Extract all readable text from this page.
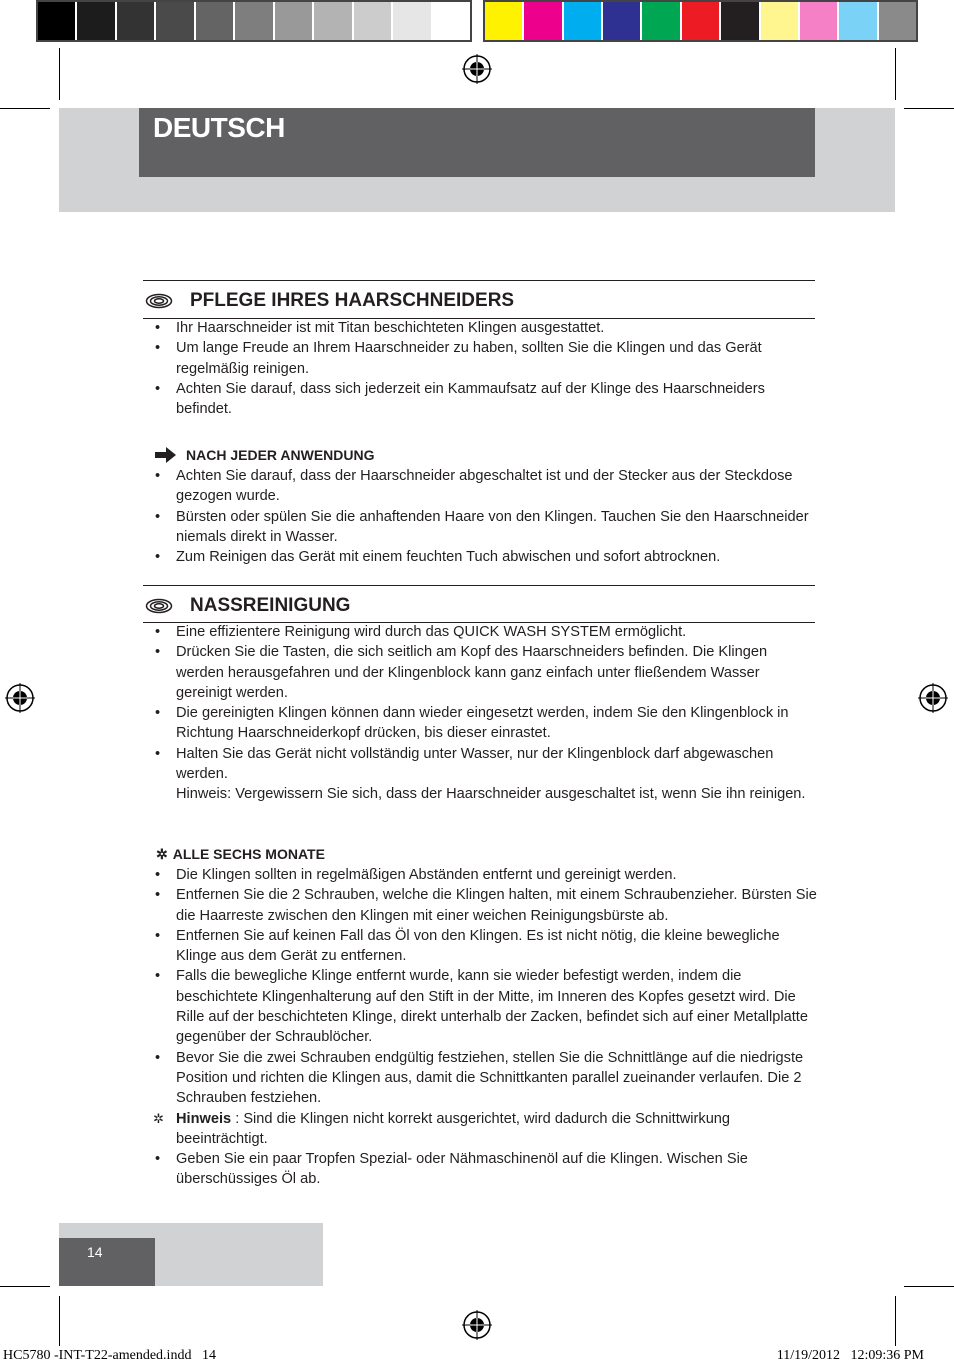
DEUTSCH
PFLEGE IHRES HAARSCHNEIDERS
• Ihr Haarschneider ist mit Titan beschichteten Klingen ausgestattet.
• Um lange Freude an Ihrem Haarschneider zu haben, sollten Sie die Klingen und das Gerät regelmäßig reinigen.
• Achten Sie darauf, dass sich jederzeit ein Kammaufsatz auf der Klinge des Haarschneiders befindet.
NACH JEDER ANWENDUNG
• Achten Sie darauf, dass der Haarschneider abgeschaltet ist und der Stecker aus der Steckdose gezogen wurde.
• Bürsten oder spülen Sie die anhaftenden Haare von den Klingen. Tauchen Sie den Haarschneider niemals direkt in Wasser.
• Zum Reinigen das Gerät mit einem feuchten Tuch abwischen und sofort abtrocknen.
NASSREINIGUNG
• Eine effizientere Reinigung wird durch das QUICK WASH SYSTEM ermöglicht.
• Drücken Sie die Tasten, die sich seitlich am Kopf des Haarschneiders befinden. Die Klingen werden herausgefahren und der Klingenblock kann ganz einfach unter fließendem Wasser gereinigt werden.
• Die gereinigten Klingen können dann wieder eingesetzt werden, indem Sie den Klingenblock in Richtung Haarschneiderkopf drücken, bis dieser einrastet.
• Halten Sie das Gerät nicht vollständig unter Wasser, nur der Klingenblock darf abgewaschen werden.
Hinweis: Vergewissern Sie sich, dass der Haarschneider ausgeschaltet ist, wenn Sie ihn reinigen.
✲ ALLE SECHS MONATE
• Die Klingen sollten in regelmäßigen Abständen entfernt und gereinigt werden.
• Entfernen Sie die 2 Schrauben, welche die Klingen halten, mit einem Schraubenzieher. Bürsten Sie die Haarreste zwischen den Klingen mit einer weichen Reinigungsbürste ab.
• Entfernen Sie auf keinen Fall das Öl von den Klingen. Es ist nicht nötig, die kleine bewegliche Klinge aus dem Gerät zu entfernen.
• Falls die bewegliche Klinge entfernt wurde, kann sie wieder befestigt werden, indem die beschichtete Klingenhalterung auf den Stift in der Mitte, im Inneren des Kopfes gesetzt wird. Die Rille auf der beschichteten Klinge, direkt unterhalb der Zacken, befindet sich auf einer Metallplatte gegenüber der Schraublöcher.
• Bevor Sie die zwei Schrauben endgültig festziehen, stellen Sie die Schnittlänge auf die niedrigste Position und richten die Klingen aus, damit die Schnittkanten parallel zueinander verlaufen. Die 2 Schrauben festziehen.
✲ Hinweis : Sind die Klingen nicht korrekt ausgerichtet, wird dadurch die Schnittwirkung beeinträchtigt.
• Geben Sie ein paar Tropfen Spezial- oder Nähmaschinenöl auf die Klingen. Wischen Sie überschüssiges Öl ab.
14
HC5780 -INT-T22-amended.indd   14	11/19/2012   12:09:36 PM
